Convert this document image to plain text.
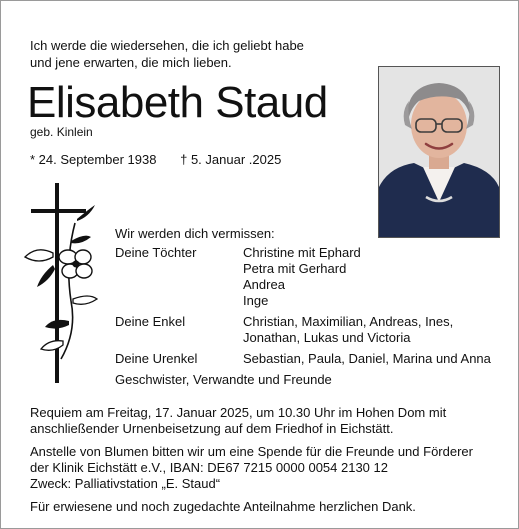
Ich werde die wiedersehen, die ich geliebt habe
und jene erwarten, die mich lieben.
Elisabeth Staud
geb. Kinlein
* 24. September 1938 † 5. Januar .2025
Wir werden dich vermissen:
Deine Töchter	Christine mit Ephard
Petra mit Gerhard
Andrea
Inge
Deine Enkel	Christian, Maximilian, Andreas, Ines,
Jonathan, Lukas und Victoria
Deine Urenkel	Sebastian, Paula, Daniel, Marina und Anna
Geschwister, Verwandte und Freunde
Requiem am Freitag, 17. Januar 2025, um 10.30 Uhr im Hohen Dom mit
anschließender Urnenbeisetzung auf dem Friedhof in Eichstätt.
Anstelle von Blumen bitten wir um eine Spende für die Freunde und Förderer
der Klinik Eichstätt e.V., IBAN: DE67 7215 0000 0054 2130 12
Zweck: Palliativstation „E. Staud“
Für erwiesene und noch zugedachte Anteilnahme herzlichen Dank.
